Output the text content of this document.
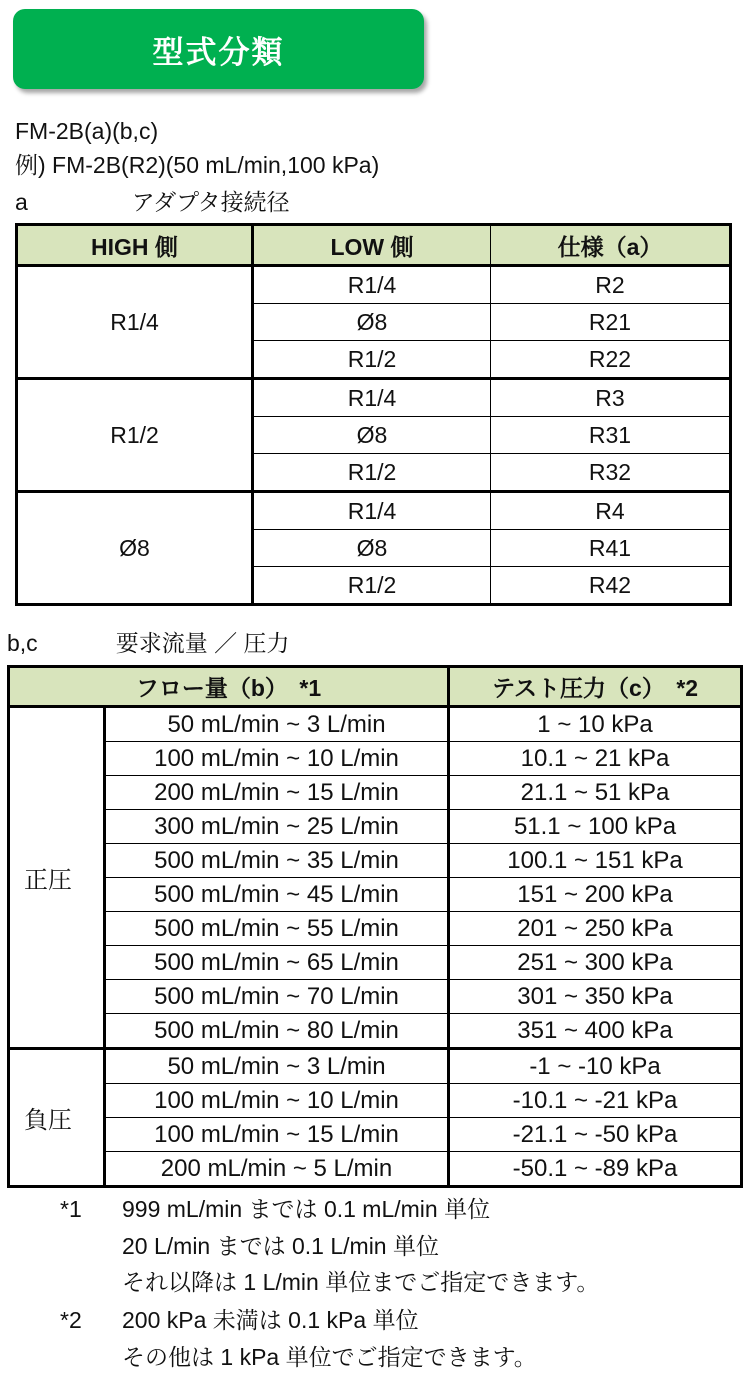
型式分類
FM-2B(a)(b,c)
例) FM-2B(R2)(50 mL/min,100 kPa)
a	アダプタ接続径
HIGH 側	LOW 側	仕様（a）
R1/4	R1/4	R2
	Ø8	R21
	R1/2	R22
R1/2	R1/4	R3
	Ø8	R31
	R1/2	R32
Ø8	R1/4	R4
	Ø8	R41
	R1/2	R42
b,c	要求流量 ／ 圧力
フロー量（b）　*1		テスト圧力（c）　*2
正圧	50 mL/min ~ 3 L/min	1 ~ 10 kPa
	100 mL/min ~ 10 L/min	10.1 ~ 21 kPa
	200 mL/min ~ 15 L/min	21.1 ~ 51 kPa
	300 mL/min ~ 25 L/min	51.1 ~ 100 kPa
	500 mL/min ~ 35 L/min	100.1 ~ 151 kPa
	500 mL/min ~ 45 L/min	151 ~ 200 kPa
	500 mL/min ~ 55 L/min	201 ~ 250 kPa
	500 mL/min ~ 65 L/min	251 ~ 300 kPa
	500 mL/min ~ 70 L/min	301 ~ 350 kPa
	500 mL/min ~ 80 L/min	351 ~ 400 kPa
負圧	50 mL/min ~ 3 L/min	-1 ~ -10 kPa
	100 mL/min ~ 10 L/min	-10.1 ~ -21 kPa
	100 mL/min ~ 15 L/min	-21.1 ~ -50 kPa
	200 mL/min ~ 5 L/min	-50.1 ~ -89 kPa
*1 999 mL/min までは 0.1 mL/min 単位
20 L/min までは 0.1 L/min 単位
それ以降は 1 L/min 単位までご指定できます。
*2 200 kPa 未満は 0.1 kPa 単位
その他は 1 kPa 単位でご指定できます。
